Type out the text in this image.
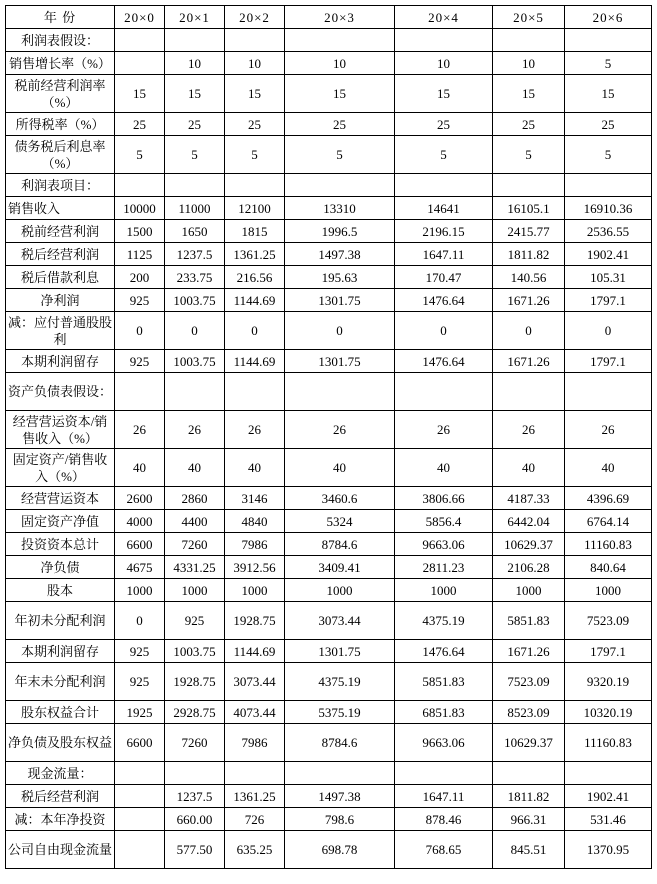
年 份	20×0	20×1	20×2	20×3	20×4	20×5	20×6
利润表假设：							
销售增长率（%）		10	10	10	10	10	5
税前经营利润率（%）	15	15	15	15	15	15	15
所得税率（%）	25	25	25	25	25	25	25
债务税后利息率（%）	5	5	5	5	5	5	5
利润表项目：							
销售收入	10000	11000	12100	13310	14641	16105.1	16910.36
税前经营利润	1500	1650	1815	1996.5	2196.15	2415.77	2536.55
税后经营利润	1125	1237.5	1361.25	1497.38	1647.11	1811.82	1902.41
税后借款利息	200	233.75	216.56	195.63	170.47	140.56	105.31
净利润	925	1003.75	1144.69	1301.75	1476.64	1671.26	1797.1
减：应付普通股股利	0	0	0	0	0	0	0
本期利润留存	925	1003.75	1144.69	1301.75	1476.64	1671.26	1797.1
资产负债表假设：							
经营营运资本/销售收入（%）	26	26	26	26	26	26	26
固定资产/销售收入（%）	40	40	40	40	40	40	40
经营营运资本	2600	2860	3146	3460.6	3806.66	4187.33	4396.69
固定资产净值	4000	4400	4840	5324	5856.4	6442.04	6764.14
投资资本总计	6600	7260	7986	8784.6	9663.06	10629.37	11160.83
净负债	4675	4331.25	3912.56	3409.41	2811.23	2106.28	840.64
股本	1000	1000	1000	1000	1000	1000	1000
年初未分配利润	0	925	1928.75	3073.44	4375.19	5851.83	7523.09
本期利润留存	925	1003.75	1144.69	1301.75	1476.64	1671.26	1797.1
年末未分配利润	925	1928.75	3073.44	4375.19	5851.83	7523.09	9320.19
股东权益合计	1925	2928.75	4073.44	5375.19	6851.83	8523.09	10320.19
净负债及股东权益	6600	7260	7986	8784.6	9663.06	10629.37	11160.83
现金流量：							
税后经营利润		1237.5	1361.25	1497.38	1647.11	1811.82	1902.41
减：本年净投资		660.00	726	798.6	878.46	966.31	531.46
公司自由现金流量		577.50	635.25	698.78	768.65	845.51	1370.95
